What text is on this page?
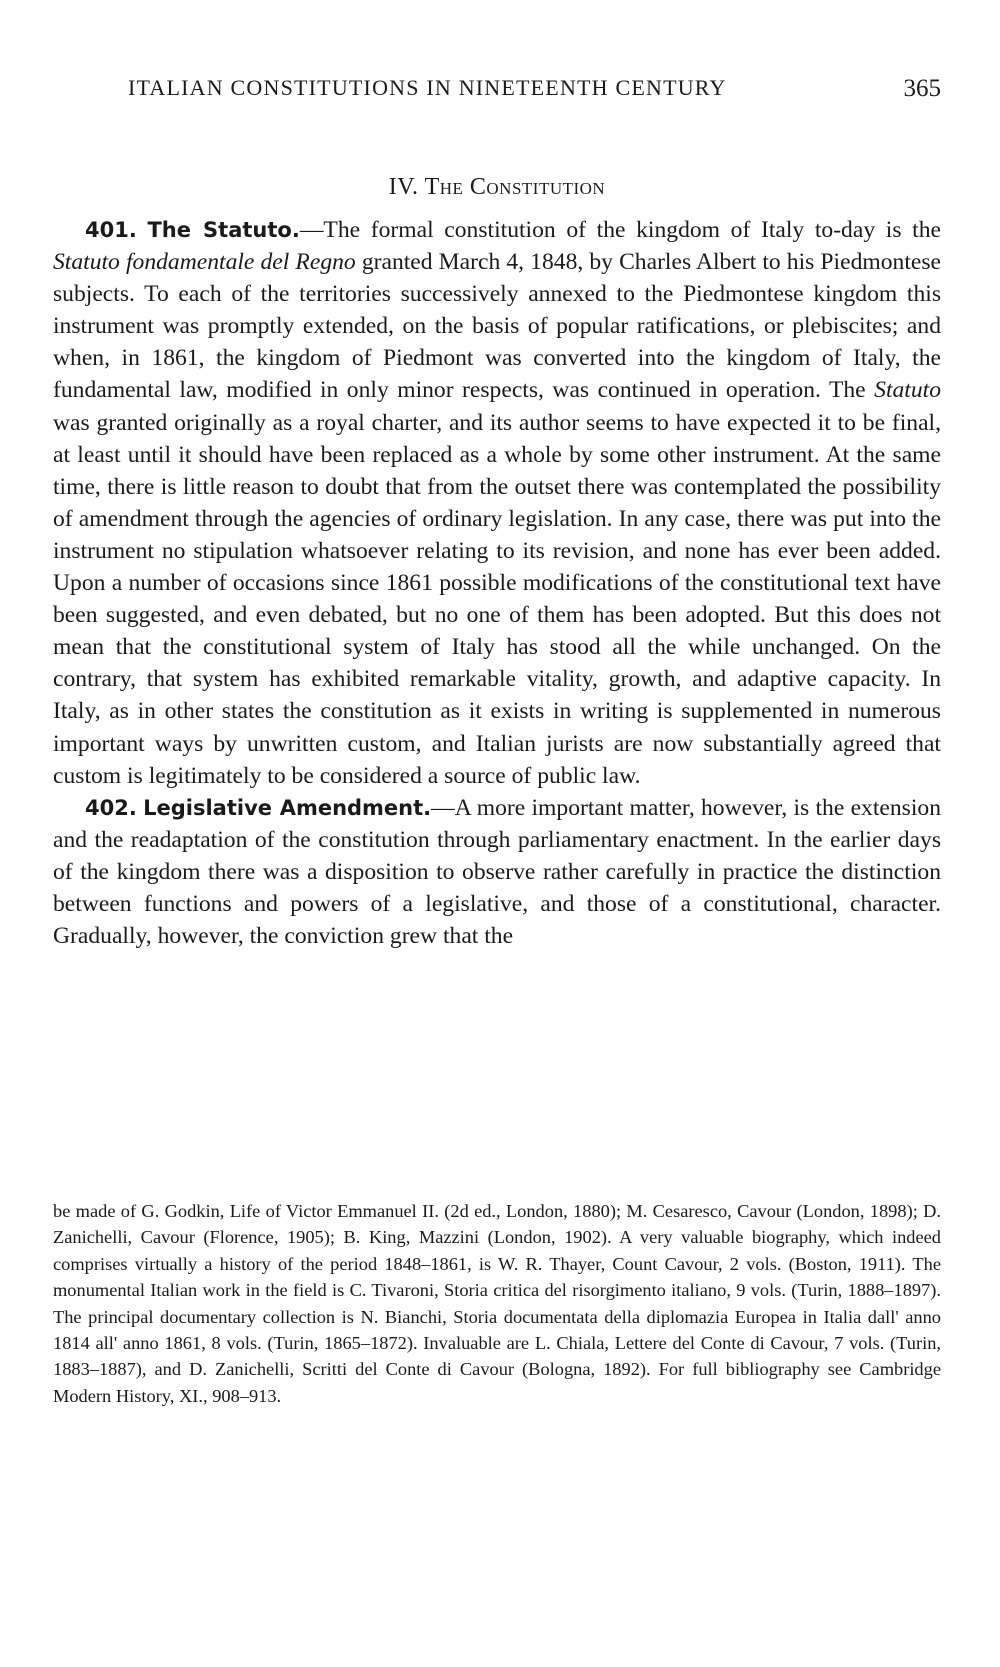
ITALIAN CONSTITUTIONS IN NINETEENTH CENTURY	365
IV. The Constitution

401. The Statuto.—The formal constitution of the kingdom of Italy to-day is the Statuto fondamentale del Regno granted March 4, 1848, by Charles Albert to his Piedmontese subjects. To each of the territories successively annexed to the Piedmontese kingdom this instrument was promptly extended, on the basis of popular ratifications, or plebiscites; and when, in 1861, the kingdom of Piedmont was converted into the kingdom of Italy, the fundamental law, modified in only minor respects, was continued in operation. The Statuto was granted originally as a royal charter, and its author seems to have expected it to be final, at least until it should have been replaced as a whole by some other instrument. At the same time, there is little reason to doubt that from the outset there was contemplated the possibility of amendment through the agencies of ordinary legislation. In any case, there was put into the instrument no stipulation whatsoever relating to its revision, and none has ever been added. Upon a number of occasions since 1861 possible modifications of the constitutional text have been suggested, and even debated, but no one of them has been adopted. But this does not mean that the constitutional system of Italy has stood all the while unchanged. On the contrary, that system has exhibited remarkable vitality, growth, and adaptive capacity. In Italy, as in other states the constitution as it exists in writing is supplemented in numerous important ways by unwritten custom, and Italian jurists are now substantially agreed that custom is legitimately to be considered a source of public law.

402. Legislative Amendment.—A more important matter, however, is the extension and the readaptation of the constitution through parliamentary enactment. In the earlier days of the kingdom there was a disposition to observe rather carefully in practice the distinction between functions and powers of a legislative, and those of a constitutional, character. Gradually, however, the conviction grew that the

be made of G. Godkin, Life of Victor Emmanuel II. (2d ed., London, 1880); M. Cesaresco, Cavour (London, 1898); D. Zanichelli, Cavour (Florence, 1905); B. King, Mazzini (London, 1902). A very valuable biography, which indeed comprises virtually a history of the period 1848–1861, is W. R. Thayer, Count Cavour, 2 vols. (Boston, 1911). The monumental Italian work in the field is C. Tivaroni, Storia critica del risorgimento italiano, 9 vols. (Turin, 1888–1897). The principal documentary collection is N. Bianchi, Storia documentata della diplomazia Europea in Italia dall' anno 1814 all' anno 1861, 8 vols. (Turin, 1865–1872). Invaluable are L. Chiala, Lettere del Conte di Cavour, 7 vols. (Turin, 1883–1887), and D. Zanichelli, Scritti del Conte di Cavour (Bologna, 1892). For full bibliography see Cambridge Modern History, XI., 908–913.
